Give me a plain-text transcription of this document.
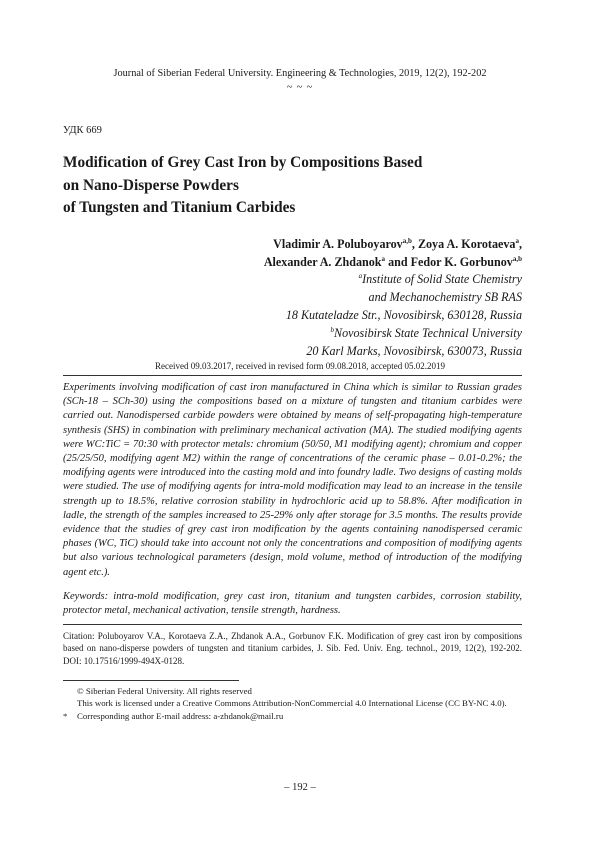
Journal of Siberian Federal University. Engineering & Technologies, 2019, 12(2), 192-202
~ ~ ~
УДК 669
Modification of Grey Cast Iron by Compositions Based
on Nano-Disperse Powders
of Tungsten and Titanium Carbides
Vladimir A. Poluboyarov$^{a,b}$, Zoya A. Korotaeva$^a$,
Alexander A. Zhdanok$^a$ and Fedor K. Gorbunov$^{a,b}$
$^a$Institute of Solid State Chemistry
and Mechanochemistry SB RAS
18 Kutateladze Str., Novosibirsk, 630128, Russia
$^b$Novosibirsk State Technical University
20 Karl Marks, Novosibirsk, 630073, Russia
Received 09.03.2017, received in revised form 09.08.2018, accepted 05.02.2019
Experiments involving modification of cast iron manufactured in China which is similar to Russian grades (SCh-18 – SCh-30) using the compositions based on a mixture of tungsten and titanium carbides were carried out. Nanodispersed carbide powders were obtained by means of self-propagating high-temperature synthesis (SHS) in combination with preliminary mechanical activation (MA). The studied modifying agents were WC:TiC = 70:30 with protector metals: chromium (50/50, M1 modifying agent); chromium and copper (25/25/50, modifying agent M2) within the range of concentrations of the ceramic phase – 0.01-0.2%; the modifying agents were introduced into the casting mold and into foundry ladle. Two designs of casting molds were studied. The use of modifying agents for intra-mold modification may lead to an increase in the tensile strength up to 18.5%, relative corrosion stability in hydrochloric acid up to 58.8%. After modification in ladle, the strength of the samples increased to 25-29% only after storage for 3.5 months. The results provide evidence that the studies of grey cast iron modification by the agents containing nanodispersed ceramic phases (WC, TiC) should take into account not only the concentrations and composition of modifying agents but also various technological parameters (design, mold volume, method of introduction of the modifying agent etc.).
Keywords: intra-mold modification, grey cast iron, titanium and tungsten carbides, corrosion stability, protector metal, mechanical activation, tensile strength, hardness.
Citation: Poluboyarov V.A., Korotaeva Z.A., Zhdanok A.A., Gorbunov F.K. Modification of grey cast iron by compositions based on nano-disperse powders of tungsten and titanium carbides, J. Sib. Fed. Univ. Eng. technol., 2019, 12(2), 192-202. DOI: 10.17516/1999-494X-0128.
© Siberian Federal University. All rights reserved
This work is licensed under a Creative Commons Attribution-NonCommercial 4.0 International License (CC BY-NC 4.0).
* Corresponding author E-mail address: a-zhdanok@mail.ru
– 192 –
